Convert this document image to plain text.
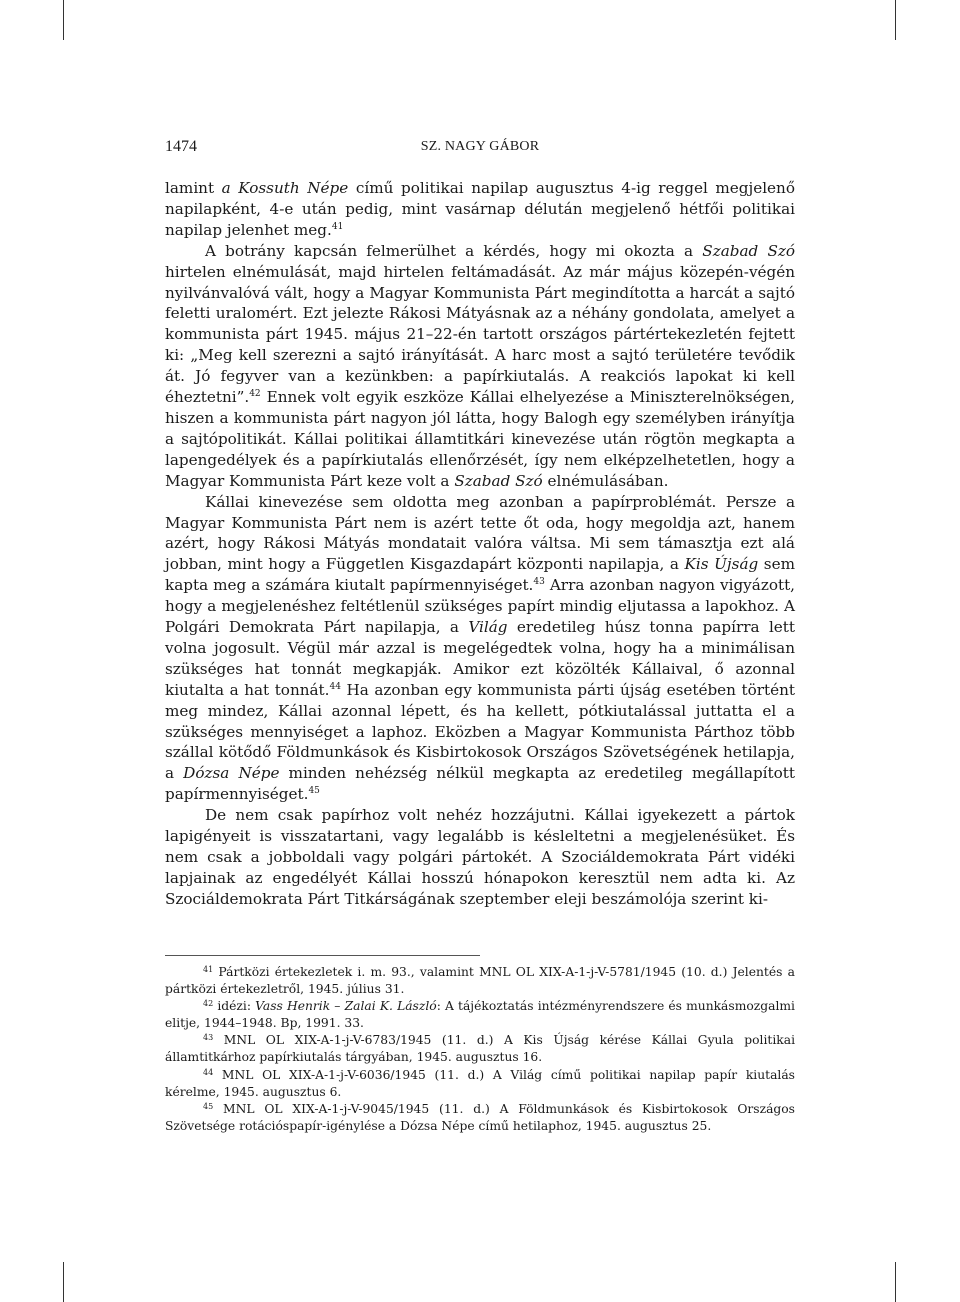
1474	SZ. NAGY GÁBOR

lamint a Kossuth Népe című politikai napilap augusztus 4-ig reggel megjelenő napilapként, 4-e után pedig, mint vasárnap délután megjelenő hétfői politikai napilap jelenhet meg.$^{41}$

A botrány kapcsán felmerülhet a kérdés, hogy mi okozta a Szabad Szó hirtelen elnémulását, majd hirtelen feltámadását. Az már május közepén-végén nyilvánvalóvá vált, hogy a Magyar Kommunista Párt megindította a harcát a sajtó feletti uralomért. Ezt jelezte Rákosi Mátyásnak az a néhány gondolata, amelyet a kommunista párt 1945. május 21–22-én tartott országos pártértekezletén fejtett ki: „Meg kell szerezni a sajtó irányítását. A harc most a sajtó területére tevődik át. Jó fegyver van a kezünkben: a papírkiutalás. A reakciós lapokat ki kell éheztetni”.$^{42}$ Ennek volt egyik eszköze Kállai elhelyezése a Miniszterelnökségen, hiszen a kommunista párt nagyon jól látta, hogy Balogh egy személyben irányítja a sajtópolitikát. Kállai politikai államtitkári kinevezése után rögtön megkapta a lapengedélyek és a papírkiutalás ellenőrzését, így nem elképzelhetetlen, hogy a Magyar Kommunista Párt keze volt a Szabad Szó elnémulásában.

Kállai kinevezése sem oldotta meg azonban a papírproblémát. Persze a Magyar Kommunista Párt nem is azért tette őt oda, hogy megoldja azt, hanem azért, hogy Rákosi Mátyás mondatait valóra váltsa. Mi sem támasztja ezt alá jobban, mint hogy a Független Kisgazdapárt központi napilapja, a Kis Újság sem kapta meg a számára kiutalt papírmennyiséget.$^{43}$ Arra azonban nagyon vigyázott, hogy a megjelenéshez feltétlenül szükséges papírt mindig eljutassa a lapokhoz. A Polgári Demokrata Párt napilapja, a Világ eredetileg húsz tonna papírra lett volna jogosult. Végül már azzal is megelégedtek volna, hogy ha a minimálisan szükséges hat tonnát megkapják. Amikor ezt közölték Kállaival, ő azonnal kiutalta a hat tonnát.$^{44}$ Ha azonban egy kommunista párti újság esetében történt meg mindez, Kállai azonnal lépett, és ha kellett, pótkiutalással juttatta el a szükséges mennyiséget a laphoz. Eközben a Magyar Kommunista Párthoz több szállal kötődő Földmunkások és Kisbirtokosok Országos Szövetségének hetilapja, a Dózsa Népe minden nehézség nélkül megkapta az eredetileg megállapított papírmennyiséget.$^{45}$

De nem csak papírhoz volt nehéz hozzájutni. Kállai igyekezett a pártok lapigényeit is visszatartani, vagy legalább is késleltetni a megjelenésüket. És nem csak a jobboldali vagy polgári pártokét. A Szociáldemokrata Párt vidéki lapjainak az engedélyét Kállai hosszú hónapokon keresztül nem adta ki. Az Szociáldemokrata Párt Titkárságának szeptember eleji beszámolója szerint ki-

$^{41}$ Pártközi értekezletek i. m. 93., valamint MNL OL XIX-A-1-j-V-5781/1945 (10. d.) Jelentés a pártközi értekezletről, 1945. július 31.

$^{42}$ idézi: Vass Henrik – Zalai K. László: A tájékoztatás intézményrendszere és munkásmozgalmi elitje, 1944–1948. Bp, 1991. 33.

$^{43}$ MNL OL XIX-A-1-j-V-6783/1945 (11. d.) A Kis Újság kérése Kállai Gyula politikai államtitkárhoz papírkiutalás tárgyában, 1945. augusztus 16.

$^{44}$ MNL OL XIX-A-1-j-V-6036/1945 (11. d.) A Világ című politikai napilap papír kiutalás kérelme, 1945. augusztus 6.

$^{45}$ MNL OL XIX-A-1-j-V-9045/1945 (11. d.) A Földmunkások és Kisbirtokosok Országos Szövetsége rotációspapír-igénylése a Dózsa Népe című hetilaphoz, 1945. augusztus 25.
